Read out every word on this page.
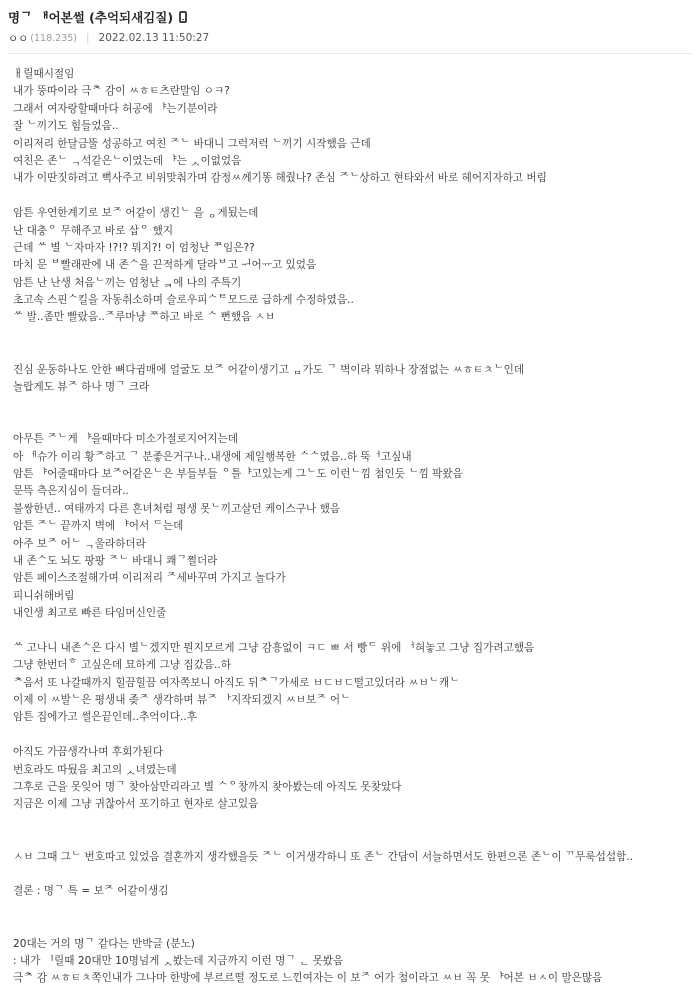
명ᄀ ᅢ어본썰 (추억되새김질)
ㅇㅇ (118.235) | 2022.02.13 11:50:27

ㅐ릴때시절임

내가 뚱따이라 극ᄎ 감이 ㅆㅎㅌ츠란말임 ㅇㅋ?

그래서 여자랑할때마다 허공에 ᅣ는기분이라

잘 ᄂ끼기도 힘들었음..

이리저리 한달금뚤 성공하고 여친 ᄌᄂ 바대니 그럭저럭 ᄂ끼기 시작했음 근데

여친은 존ᄂ ᆨ석같은ᄂ이였는데 ᅣ는 ᆺ이없었음

내가 이딴짓하려고 뻑사주고 비위맞춰가며 감정ㅆ께기똥 해줬나? 존심 ᄌᄂ상하고 현타와서 바로 헤어지자하고 버림

암튼 우연한계기로 보ᄌ 어같이 생긴ᄂ 을 ᆼ게됬는데

난 대충ᄋ 무해주고 바로 삽ᄋ 했지

근데 ᄊ 별 ᄂ자마자 !?!? 뭐지?! 이 엄청난 ᄍ임은??

마치 문 ᄇ빨래판에 내 존ᄉ을 끈적하게 달라ᄇ고 ᅱ어ᅲ고 있었음

암튼 난 난생 처음ᄂ끼는 엄청난 ᆿ에 나의 주특기

초고속 스핀ᄉ킬을 자동취소하며 슬로우피ᄉᄐ모드로 급하게 수정하였음..

ᄊ 발..좀만 빨랐음..ᄌ루마냥 ᄍ하고 바로 ᄉ 뻔했음 ㅅㅂ

진심 운동하나도 안한 뼈다귐매에 얼굴도 보ᄌ 어같이생기고 ᆷ가도 ᄀ 벽이라 뭐하나 장점없는 ㅆㅎㅌㅊᄂ인데

놀랍게도 뷰ᄌ 하나 명ᄀ 크라

아무튼 ᄌᄂ게 ᅣ을때마다 미소가절로지어지는데

아 ᅦ슈가 이리 황ᄌ하고 ᄀ 분좋은거구나..내생에 제일행복한 ᄉᄉ였음..하 뚝ᅥ고싶내

암튼 ᅣ어줄때마다 보ᄌ어같은ᄂ은 부들부들 ᄋ틀ᅣ고있는게 그ᄂ도 이런ᄂ낌 첨인듯 ᄂ낌 팍왔음

문뜩 측은지심이 들더라..

불쌍한년.. 여태까지 다른 흔녀처럼 평생 못ᄂ끼고살던 케이스구나 했음

암튼 ᄌᄂ 끝까지 벽에 ᅣ어서 ᄃ는데

아주 보ᄌ 어ᄂ ᆨ울라하더라

내 존ᄉ도 뇌도 팡팡 ᄌᄂ 바대니 쾌ᄀ쩔더라

암튼 페이스조절해가며 이리저리 ᄌ세바꾸며 가지고 놀다가

피니쉬해버림

내인생 최고로 빠른 타임머신인줄

ᄊ 고나니 내존ᄉ은 다시 별ᄂ겠지만 뭔지모르게 그냥 감흥없이 ㅋㄷ ㅃ 서 빵ᄃ 위에 ᅥ혀놓고 그냥 집가려고했음

그냥 한번더ᄒ 고싶은데 묘하게 그냥 집갔음..하

ᄎ음서 또 나갈때까지 힐끔힐끔 여자쪽보니 아직도 뒤ᄎᄀ가세로 ㅂㄷㅂㄷ떨고있더라 ㅆㅂᄂ캐ᄂ

이제 이 ㅆ발ᄂ은 평생내 좆ᄌ 생각하며 뷰ᄌ ᅡ지작되겠지 ㅆㅂ보ᄌ 어ᄂ

암튼 집에가고 썰은끝인데..추억이다..후

아직도 가끔생각나며 후회가된다

번호라도 따뒀음 최고의 ᆺ녀였는데

그후로 근을 못잊어 명ᄀ 찾아삼만리라고 별 ᄉᄋ창까지 찾아봤는데 아직도 못찾았다

지금은 이제 그냥 귀찮아서 포기하고 현자로 살고있음

ㅅㅂ 그때 그ᄂ 번호따고 있었음 결혼까지 생각했을듯 ᄌᄂ 이거생각하니 또 존ᄂ 간담이 서늘하면서도 한편으론 존ᄂ이 ᄁ무룩섭섭함..

결론 : 명ᄀ 특 = 보ᄌ 어같이생김

20대는 거의 명ᄀ 같다는 반박글 (분노)

: 내가 ᅵ릴때 20대만 10명넘게 ᆺ봤는데 지금까지 이런 명ᄀ ᆫ 못봤음

극ᄎ 감 ㅆㅎㅌㅊ쪽인내가 그나마 한방에 부르르떨 정도로 느낀여자는 이 보ᄌ 어가 첨이라고 ㅆㅂ 꼭 못 ᅣ어본 ㅂㅅ이 말은많음
